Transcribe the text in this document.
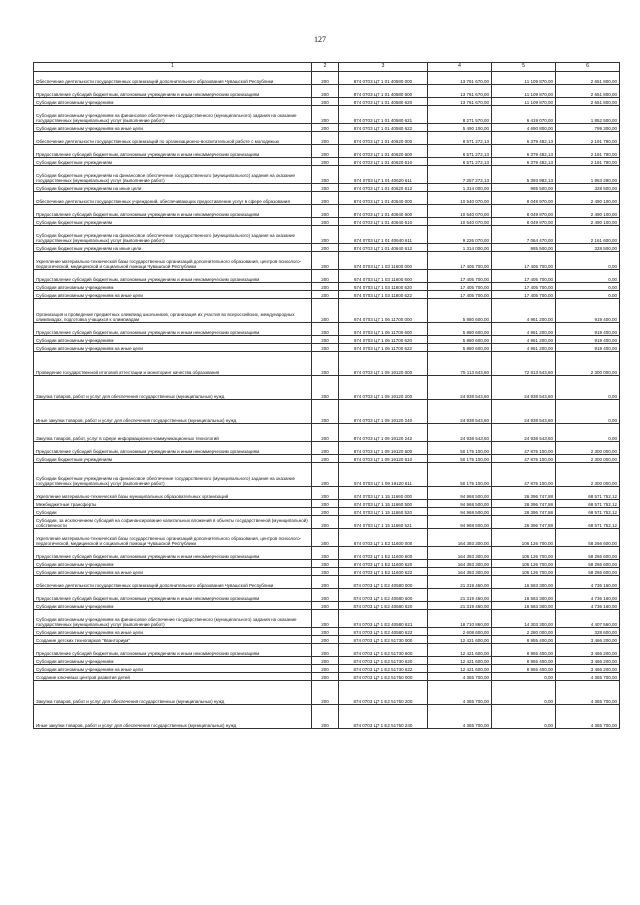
127
1	2	3	4	5	6
Обеспечение деятельности государственных организаций дополнительного образования Чувашской Республики	200	874 0703 Ц7 1 01 40580 000	13 761 670,00	11 109 870,00	2 651 800,00
Предоставление субсидий бюджетным, автономным учреждениям и иным некоммерческим организациям	200	874 0703 Ц7 1 01 40580 600	13 761 670,00	11 109 870,00	2 651 800,00
Субсидии автономным учреждениям	200	874 0703 Ц7 1 01 40580 620	13 761 670,00	11 109 870,00	2 651 800,00
Субсидии автономным учреждениям на финансовое обеспечение государственного (муниципального) задания на оказание государственных (муниципальных) услуг (выполнение работ)	200	874 0703 Ц7 1 01 40580 621	8 271 570,00	6 419 070,00	1 852 500,00
Субсидии автономным учреждениям на иные цели	200	874 0703 Ц7 1 01 40580 622	5 490 100,00	4 690 800,00	799 300,00
Обеспечение деятельности государственных организаций по организационно-воспитательной работе с молодежью	200	874 0703 Ц7 1 01 40620 000	8 571 272,13	6 379 482,13	2 191 790,00
Предоставление субсидий бюджетным, автономным учреждениям и иным некоммерческим организациям	200	874 0703 Ц7 1 01 40620 600	8 571 272,13	6 379 482,13	2 191 790,00
Субсидии бюджетным учреждениям	200	874 0703 Ц7 1 01 40620 610	8 571 272,13	6 379 482,13	2 191 790,00
Субсидии бюджетным учреждениям на финансовое обеспечение государственного (муниципального) задания на оказание государственных (муниципальных) услуг (выполнение работ)	200	874 0703 Ц7 1 01 40620 611	7 257 272,13	5 393 982,13	1 863 290,00
Субсидии бюджетным учреждениям на иные цели	200	874 0703 Ц7 1 01 40620 612	1 314 000,00	985 500,00	328 500,00
Обеспечение деятельности государственных учреждений, обеспечивающих предоставление услуг в сфере образования	200	874 0703 Ц7 1 01 40640 000	10 540 070,00	8 049 970,00	2 490 100,00
Предоставление субсидий бюджетным, автономным учреждениям и иным некоммерческим организациям	200	874 0703 Ц7 1 01 40640 600	10 540 070,00	8 049 970,00	2 490 100,00
Субсидии бюджетным учреждениям	200	874 0703 Ц7 1 01 40640 610	10 540 070,00	8 049 970,00	2 490 100,00
Субсидии бюджетным учреждениям на финансовое обеспечение государственного (муниципального) задания на оказание государственных (муниципальных) услуг (выполнение работ)	200	874 0703 Ц7 1 01 40640 611	9 226 070,00	7 064 470,00	2 161 600,00
Субсидии бюджетным учреждениям на иные цели	200	874 0703 Ц7 1 01 40640 612	1 314 000,00	985 500,00	328 500,00
Укрепление материально-технической базы государственных организаций дополнительного образования, центров психолого-педагогической, медицинской и социальной помощи Чувашской Республики	200	874 0703 Ц7 1 03 11600 000	17 405 700,00	17 405 700,00	0,00
Предоставление субсидий бюджетным, автономным учреждениям и иным некоммерческим организациям	200	874 0703 Ц7 1 03 11600 600	17 405 700,00	17 405 700,00	0,00
Субсидии автономным учреждениям	200	874 0703 Ц7 1 03 11600 620	17 405 700,00	17 405 700,00	0,00
Субсидии автономным учреждениям на иные цели	200	874 0703 Ц7 1 03 11600 622	17 405 700,00	17 405 700,00	0,00
Организация и проведение предметных олимпиад школьников, организация их участия во всероссийских, международных олимпиадах, подготовка учащихся к олимпиадам	200	874 0703 Ц7 1 06 11700 000	5 880 600,00	4 961 200,00	919 400,00
Предоставление субсидий бюджетным, автономным учреждениям и иным некоммерческим организациям	200	874 0703 Ц7 1 06 11700 600	5 880 600,00	4 961 200,00	919 400,00
Субсидии автономным учреждениям	200	874 0703 Ц7 1 06 11700 620	5 880 600,00	4 961 200,00	919 400,00
Субсидии автономным учреждениям на иные цели	200	874 0703 Ц7 1 06 11700 622	5 880 600,00	4 961 200,00	919 400,00
Проведение государственной итоговой аттестации и мониторинг качества образования	200	874 0703 Ц7 1 09 19120 000	75 113 643,60	72 813 543,60	2 300 000,00
Закупка товаров, работ и услуг для обеспечения государственных (муниципальных) нужд	200	874 0703 Ц7 1 09 19120 200	24 938 543,60	24 938 543,60	0,00
Иные закупки товаров, работ и услуг для обеспечения государственных (муниципальных) нужд	200	874 0703 Ц7 1 09 19120 240	24 938 543,60	24 938 543,60	0,00
Закупка товаров, работ, услуг в сфере информационно-коммуникационных технологий	200	874 0703 Ц7 1 09 19120 242	24 938 543,60	24 938 543,60	0,00
Предоставление субсидий бюджетным, автономным учреждениям и иным некоммерческим организациям	200	874 0703 Ц7 1 09 19120 600	50 175 100,00	47 875 100,00	2 300 000,00
Субсидии бюджетным учреждениям	200	874 0703 Ц7 1 09 19120 610	50 175 100,00	47 875 100,00	2 300 000,00
Субсидии бюджетным учреждениям на финансовое обеспечение государственного (муниципального) задания на оказание государственных (муниципальных) услуг (выполнение работ)	200	874 0703 Ц7 1 09 19120 611	50 175 100,00	47 875 100,00	2 300 000,00
Укрепление материально-технической базы муниципальных образовательных организаций	200	874 0703 Ц7 1 15 11660 000	94 968 500,00	26 396 747,88	68 571 752,12
Межбюджетные трансферты	200	874 0703 Ц7 1 15 11660 500	94 968 500,00	26 396 747,88	68 571 752,12
Субсидии	200	874 0703 Ц7 1 15 11660 520	94 968 500,00	26 396 747,88	68 571 752,12
Субсидии, за исключением субсидий на софинансирование капитальных вложений в объекты государственной (муниципальной) собственности	200	874 0703 Ц7 1 15 11660 521	94 968 500,00	26 396 747,88	68 571 752,12
Укрепление материально-технической базы государственных организаций дополнительного образования, центров психолого-педагогической, медицинской и социальной помощи Чувашской Республики	200	874 0703 Ц7 1 Е2 11600 000	164 393 300,00	106 126 700,00	58 266 600,00
Предоставление субсидий бюджетным, автономным учреждениям и иным некоммерческим организациям	200	874 0703 Ц7 1 Е2 11600 600	164 393 300,00	106 126 700,00	58 266 600,00
Субсидии автономным учреждениям	200	874 0703 Ц7 1 Е2 11600 620	164 393 300,00	106 126 700,00	58 266 600,00
Субсидии автономным учреждениям на иные цели	200	874 0703 Ц7 1 Е2 11600 622	164 393 300,00	106 126 700,00	58 266 600,00
Обеспечение деятельности государственных организаций дополнительного образования Чувашской Республики	200	874 0703 Ц7 1 Е2 40580 000	21 319 460,00	16 583 300,00	4 736 160,00
Предоставление субсидий бюджетным, автономным учреждениям и иным некоммерческим организациям	200	874 0703 Ц7 1 Е2 40580 600	21 319 460,00	16 583 300,00	4 736 160,00
Субсидии автономным учреждениям	200	874 0703 Ц7 1 Е2 40580 620	21 319 460,00	16 583 300,00	4 736 160,00
Субсидии автономным учреждениям на финансовое обеспечение государственного (муниципального) задания на оказание государственных (муниципальных) услуг (выполнение работ)	200	874 0703 Ц7 1 Е2 40580 621	18 710 860,00	14 303 300,00	4 407 560,00
Субсидии автономным учреждениям на иные цели	200	874 0703 Ц7 1 Е2 40580 622	2 608 600,00	2 280 000,00	328 600,00
Создание детских технопарков "Кванториум"	200	874 0703 Ц7 1 Е2 51730 000	12 421 600,00	8 955 400,00	3 466 200,00
Предоставление субсидий бюджетным, автономным учреждениям и иным некоммерческим организациям	200	874 0703 Ц7 1 Е2 51730 600	12 421 600,00	8 955 400,00	3 466 200,00
Субсидии автономным учреждениям	200	874 0703 Ц7 1 Е2 51730 620	12 421 600,00	8 955 400,00	3 466 200,00
Субсидии автономным учреждениям на иные цели	200	874 0703 Ц7 1 Е2 51730 622	12 421 600,00	8 955 400,00	3 466 200,00
Создание ключевых центров развития детей	200	874 0703 Ц7 1 Е2 51750 000	4 355 700,00	0,00	4 355 700,00
Закупка товаров, работ и услуг для обеспечения государственных (муниципальных) нужд	200	874 0703 Ц7 1 Е2 51750 200	4 355 700,00	0,00	4 355 700,00
Иные закупки товаров, работ и услуг для обеспечения государственных (муниципальных) нужд	200	874 0703 Ц7 1 Е2 51750 240	4 355 700,00	0,00	4 355 700,00
